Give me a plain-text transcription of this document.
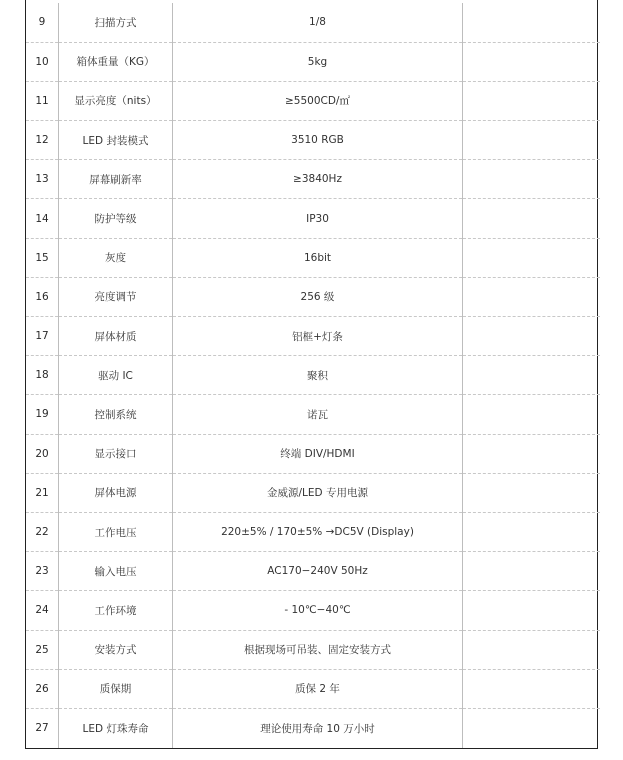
9	扫描方式	1/8	
10	箱体重量（KG）	5kg	
11	显示亮度（nits）	≥5500CD/㎡	
12	LED 封装模式	3510 RGB	
13	屏幕刷新率	≥3840Hz	
14	防护等级	IP30	
15	灰度	16bit	
16	亮度调节	256 级	
17	屏体材质	铝框+灯条	
18	驱动 IC	聚积	
19	控制系统	诺瓦	
20	显示接口	终端 DIV/HDMI	
21	屏体电源	金威源/LED 专用电源	
22	工作电压	220±5% / 170±5% →DC5V (Display)	
23	输入电压	AC170−240V 50Hz	
24	工作环境	- 10℃−40℃	
25	安装方式	根据现场可吊装、固定安装方式	
26	质保期	质保 2 年	
27	LED 灯珠寿命	理论使用寿命 10 万小时	
